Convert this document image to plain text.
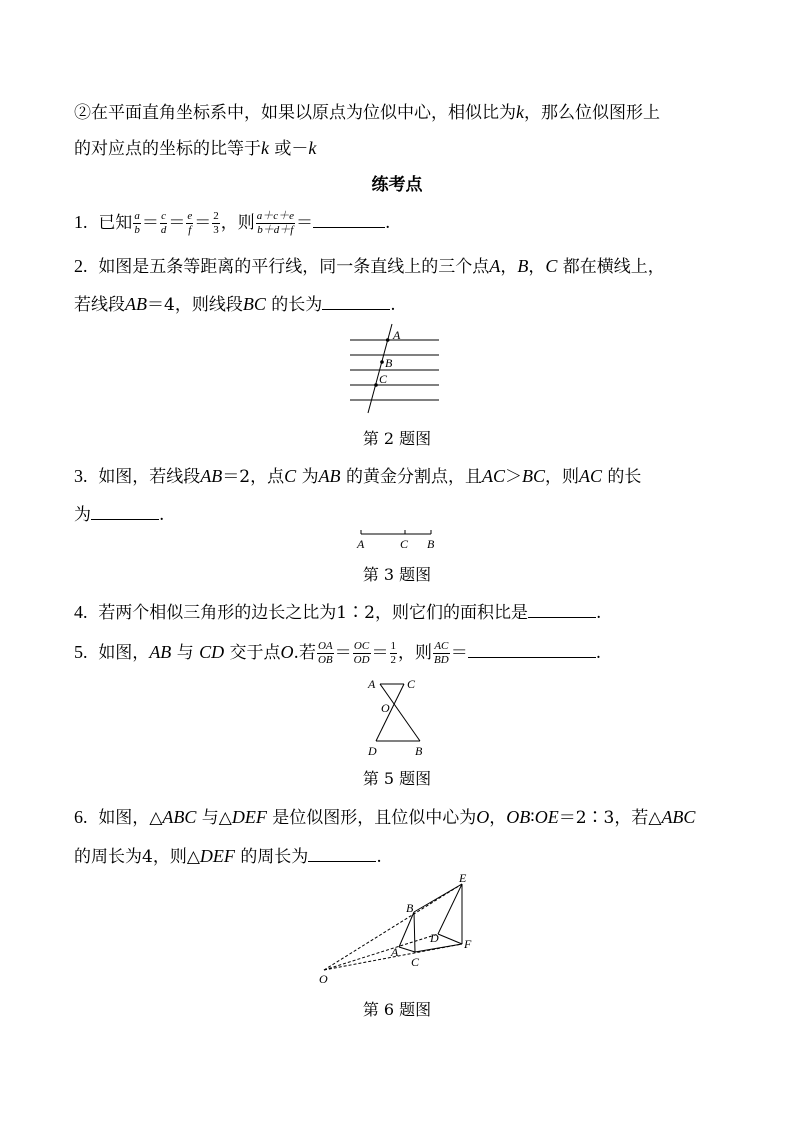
②在平面直角坐标系中，如果以原点为位似中心，相似比为k，那么位似图形上
的对应点的坐标的比等于k 或－k
练考点
1. 已知 $\frac{a}{b} = \frac{c}{d} = \frac{e}{f} = \frac{2}{3}$ ，则 $\frac{a+c+e}{b+d+f}$ ＝	.
2. 如图是五条等距离的平行线，同一条直线上的三个点A，B，C 都在横线上，
若线段AB＝4，则线段BC 的长为	.
A
B
C
第 2 题图
3. 如图，若线段AB＝2，点C 为AB 的黄金分割点，且AC＞BC，则AC 的长
为	.
A	C B
第 3 题图
4. 若两个相似三角形的边长之比为1∶2，则它们的面积比是	.
5. 如图，AB 与 CD 交于点O.若 $\frac{OA}{OB} = \frac{OC}{OD} = \frac{1}{2}$ ，则 $\frac{AC}{BD}$ ＝	.
A	C
O
D	B
第 5 题图
6. 如图，△ABC 与△DEF 是位似图形，且位似中心为O，OB∶OE＝2∶3，若△ABC
的周长为4，则△DEF 的周长为	.
E
B
D F
A
C
O
第 6 题图
